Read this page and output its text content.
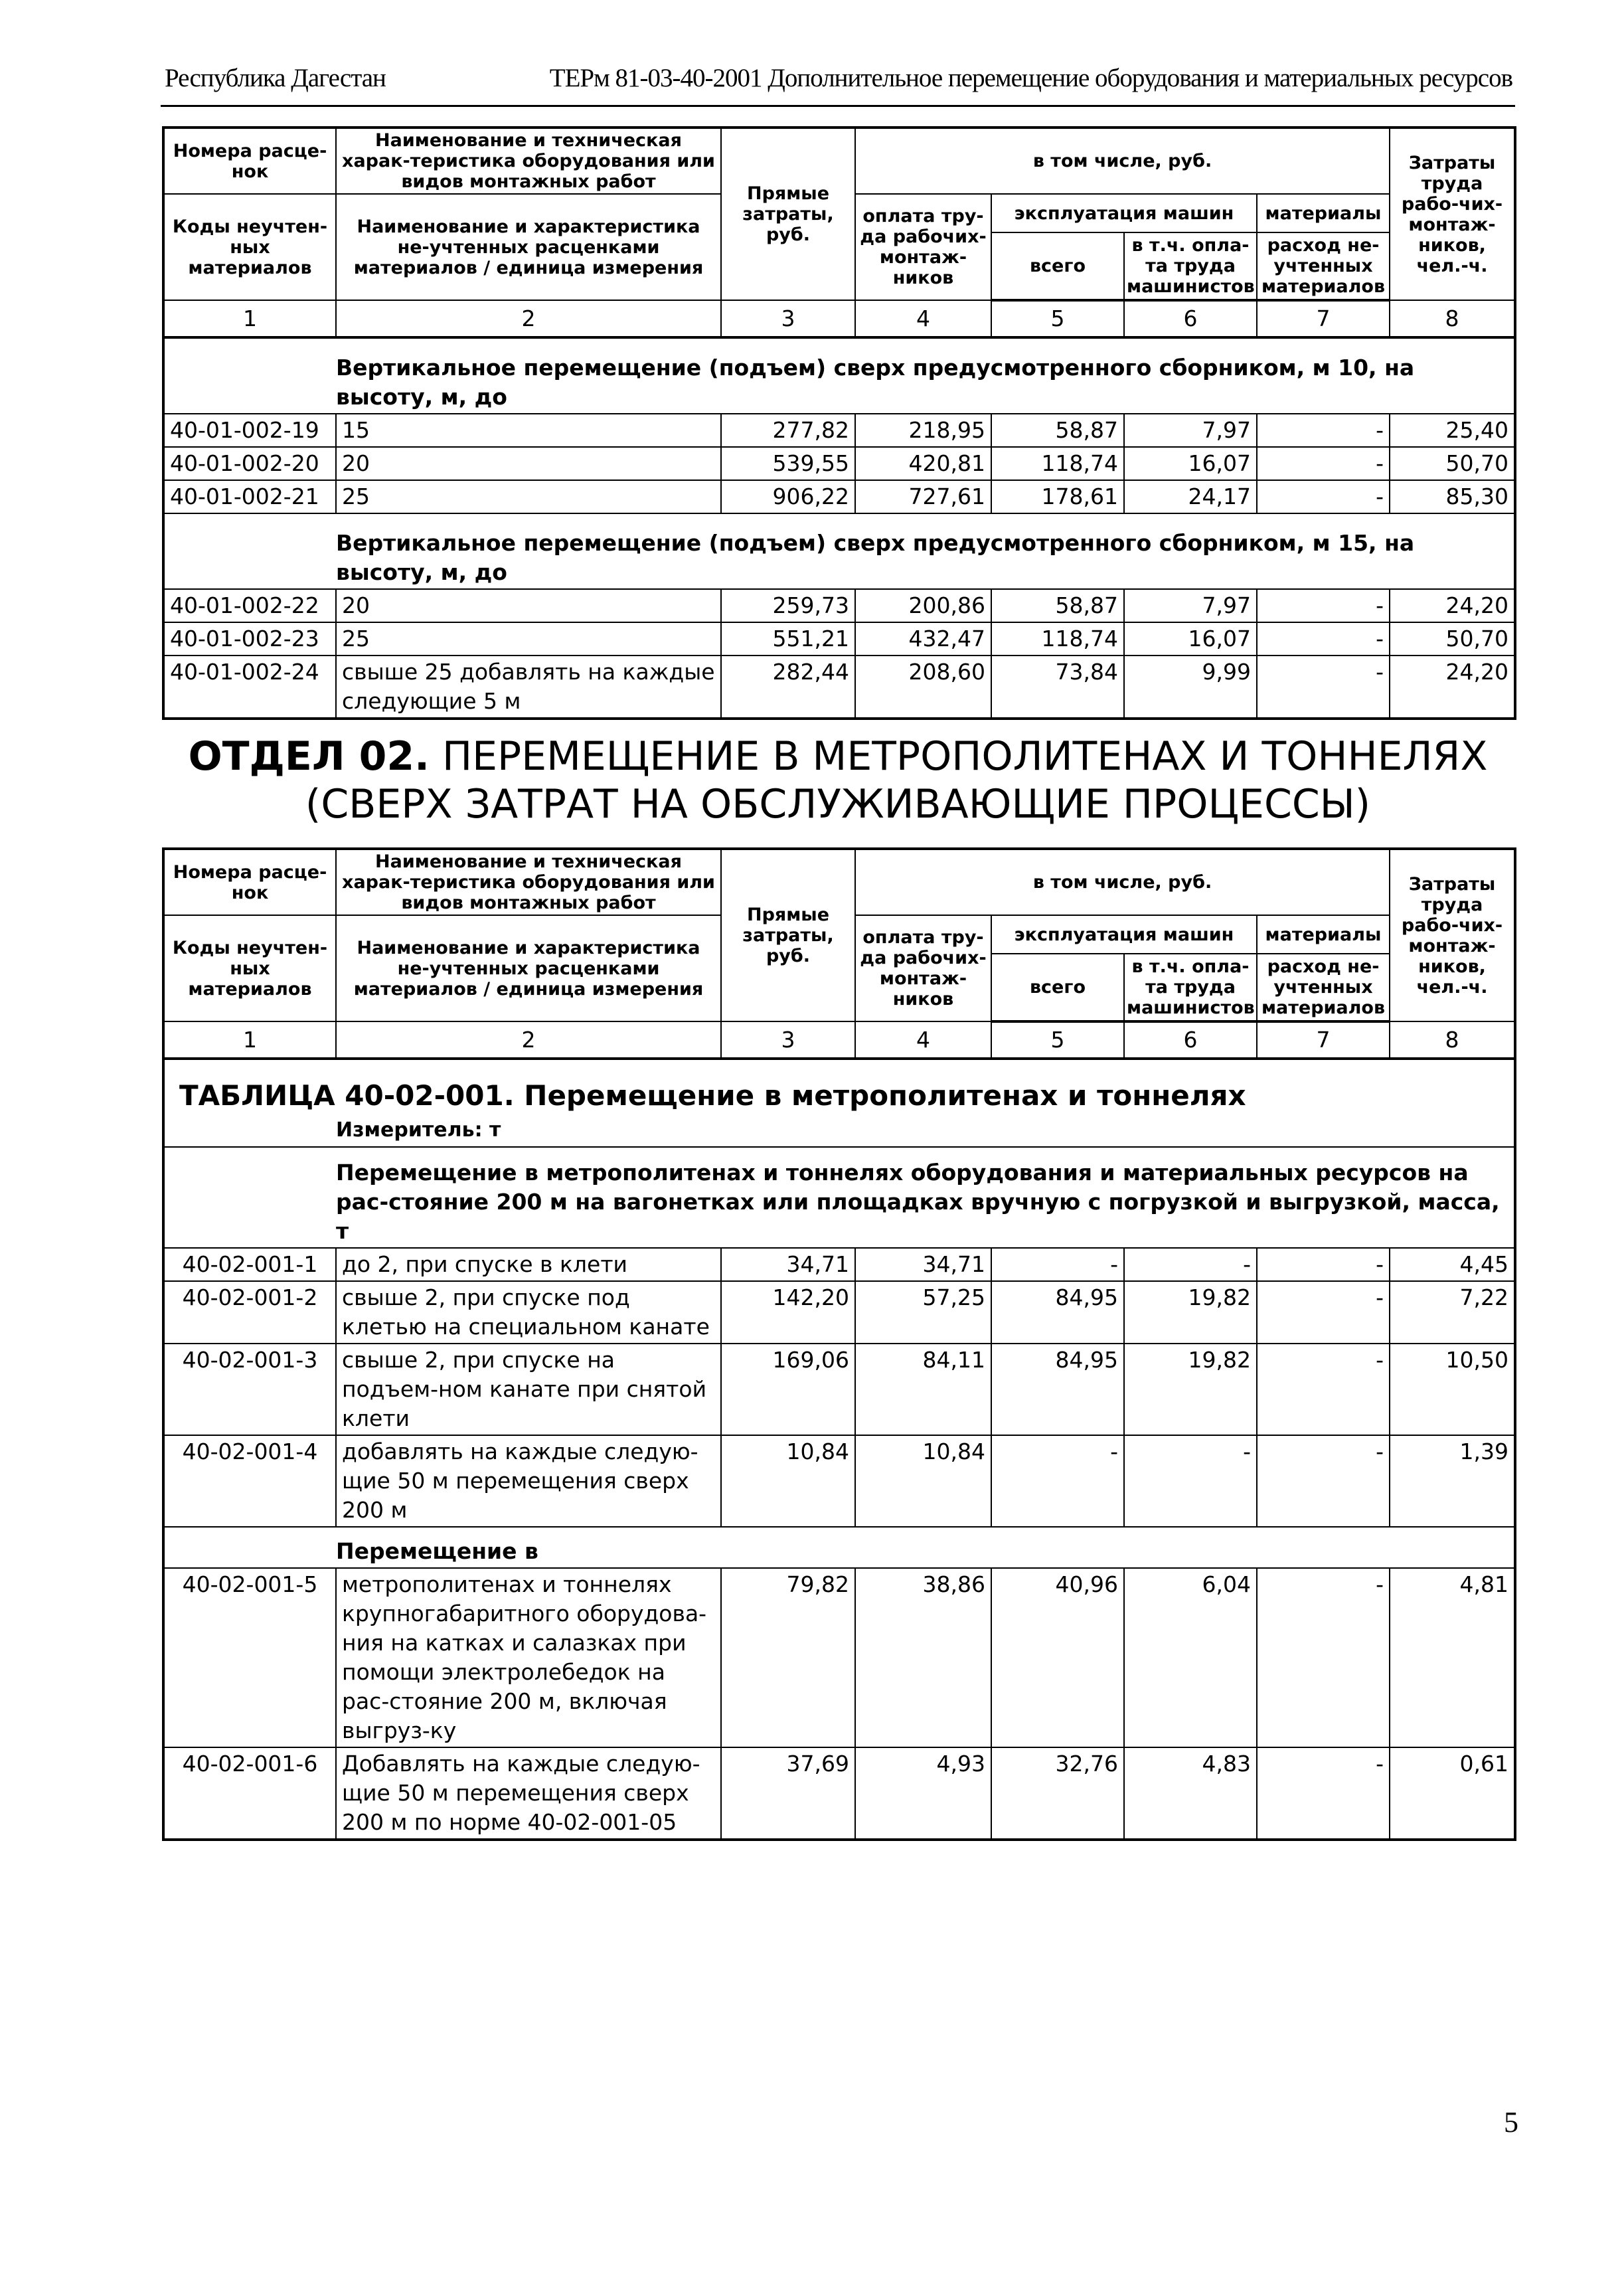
Республика Дагестан	ТЕРм 81-03-40-2001 Дополнительное перемещение оборудования и материальных ресурсов
Номера расце-нок	Наименование и техническая харак-теристика оборудования или видов монтажных работ	Прямые затраты, руб.	в том числе, руб.				Затраты труда рабо-чих-монтаж-ников, чел.-ч.
Коды неучтен-ных материалов	Наименование и характеристика не-учтенных расценками материалов / единица измерения		оплата тру-да рабочих-монтаж-ников	эксплуатация машин		материалы	
				всего	в т.ч. опла-та труда машинистов	расход не-учтенных материалов	
1	2	3	4	5	6	7	8
	Вертикальное перемещение (подъем) сверх предусмотренного сборником, м 10, на высоту, м, до						
40-01-002-19	15	277,82	218,95	58,87	7,97	-	25,40
40-01-002-20	20	539,55	420,81	118,74	16,07	-	50,70
40-01-002-21	25	906,22	727,61	178,61	24,17	-	85,30
	Вертикальное перемещение (подъем) сверх предусмотренного сборником, м 15, на высоту, м, до						
40-01-002-22	20	259,73	200,86	58,87	7,97	-	24,20
40-01-002-23	25	551,21	432,47	118,74	16,07	-	50,70
40-01-002-24	свыше 25 добавлять на каждые следующие 5 м	282,44	208,60	73,84	9,99	-	24,20
ОТДЕЛ 02. ПЕРЕМЕЩЕНИЕ В МЕТРОПОЛИТЕНАХ И ТОННЕЛЯХ
(СВЕРХ ЗАТРАТ НА ОБСЛУЖИВАЮЩИЕ ПРОЦЕССЫ)
Номера расце-нок	Наименование и техническая харак-теристика оборудования или видов монтажных работ	Прямые затраты, руб.	в том числе, руб.				Затраты труда рабо-чих-монтаж-ников, чел.-ч.
Коды неучтен-ных материалов	Наименование и характеристика не-учтенных расценками материалов / единица измерения		оплата тру-да рабочих-монтаж-ников	эксплуатация машин		материалы	
				всего	в т.ч. опла-та труда машинистов	расход не-учтенных материалов	
1	2	3	4	5	6	7	8
ТАБЛИЦА 40-02-001. Перемещение в метрополитенах и тоннелях							
	Измеритель: т						
	Перемещение в метрополитенах и тоннелях оборудования и материальных ресурсов на рас-стояние 200 м на вагонетках или площадках вручную с погрузкой и выгрузкой, масса, т						
40-02-001-1	до 2, при спуске в клети	34,71	34,71	-	-	-	4,45
40-02-001-2	свыше 2, при спуске под клетью на специальном канате	142,20	57,25	84,95	19,82	-	7,22
40-02-001-3	свыше 2, при спуске на подъем-ном канате при снятой клети	169,06	84,11	84,95	19,82	-	10,50
40-02-001-4	добавлять на каждые следую-щие 50 м перемещения сверх 200 м	10,84	10,84	-	-	-	1,39
	Перемещение в						
40-02-001-5	метрополитенах и тоннелях крупногабаритного оборудова-ния на катках и салазках при помощи электролебедок на рас-стояние 200 м, включая выгруз-ку	79,82	38,86	40,96	6,04	-	4,81
40-02-001-6	Добавлять на каждые следую-щие 50 м перемещения сверх 200 м по норме 40-02-001-05	37,69	4,93	32,76	4,83	-	0,61
5
